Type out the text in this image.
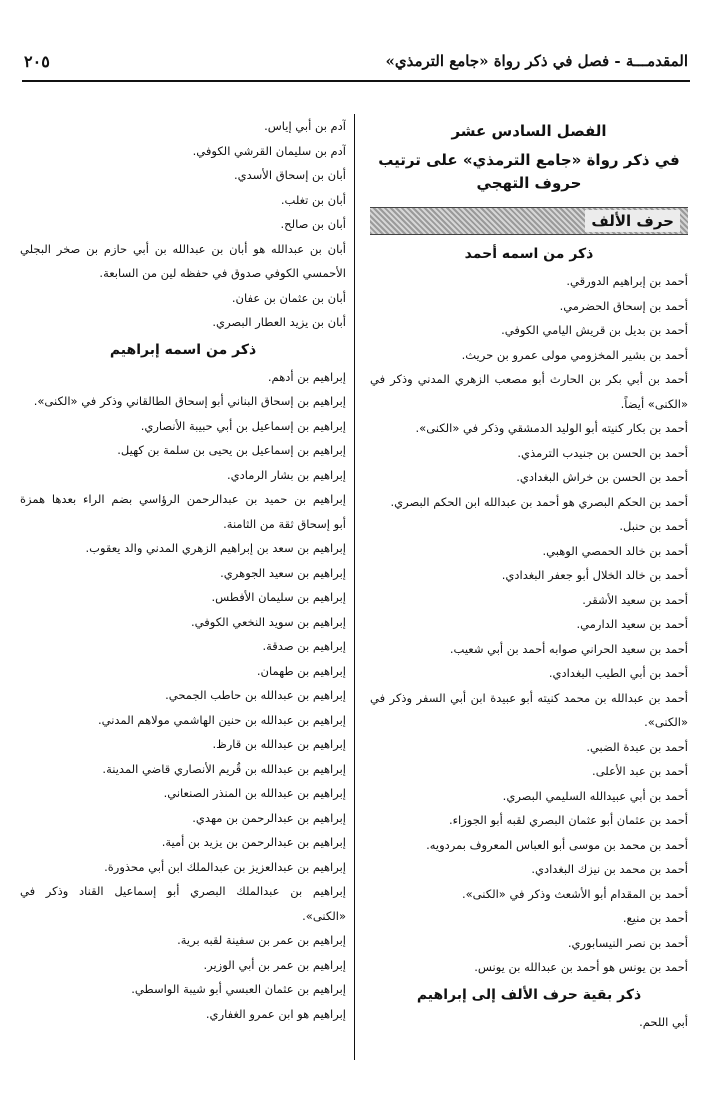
المقدمـــة - فصل في ذكر رواة «جامع الترمذي»
٢٠٥
الفصل السادس عشر
في ذكر رواة «جامع الترمذي» على ترتيب
حروف التهجي
حرف الألف
ذكر من اسمه أحمد
أحمد بن إبراهيم الدورقي.
أحمد بن إسحاق الحضرمي.
أحمد بن بديل بن قريش اليامي الكوفي.
أحمد بن بشير المخزومي مولى عمرو بن حريث.
أحمد بن أبي بكر بن الحارث أبو مصعب الزهري المدني وذكر في
«الكنى» أيضاً.
أحمد بن بكار كنيته أبو الوليد الدمشقي وذكر في «الكنى».
أحمد بن الحسن بن جنيدب الترمذي.
أحمد بن الحسن بن خراش البغدادي.
أحمد بن الحكم البصري هو أحمد بن عبدالله ابن الحكم البصري.
أحمد بن حنبل.
أحمد بن خالد الحمصي الوهبي.
أحمد بن خالد الخلال أبو جعفر البغدادي.
أحمد بن سعيد الأشقر.
أحمد بن سعيد الدارمي.
أحمد بن سعيد الحراني صوابه أحمد بن أبي شعيب.
أحمد بن أبي الطيب البغدادي.
أحمد بن عبدالله بن محمد كنيته أبو عبيدة ابن أبي السفر وذكر في
«الكنى».
أحمد بن عبدة الضبي.
أحمد بن عبد الأعلى.
أحمد بن أبي عبيدالله السليمي البصري.
أحمد بن عثمان أبو عثمان البصري لقبه أبو الجوزاء.
أحمد بن محمد بن موسى أبو العباس المعروف بمردويه.
أحمد بن محمد بن نيزك البغدادي.
أحمد بن المقدام أبو الأشعث وذكر في «الكنى».
أحمد بن منيع.
أحمد بن نصر النيسابوري.
أحمد بن يونس هو أحمد بن عبدالله بن يونس.
ذكر بقية حرف الألف إلى إبراهيم
أبي اللحم.
آدم بن أبي إياس.
آدم بن سليمان القرشي الكوفي.
أبان بن إسحاق الأسدي.
أبان بن تغلب.
أبان بن صالح.
أبان بن عبدالله هو أبان بن عبدالله بن أبي حازم بن صخر البجلي
الأحمسي الكوفي صدوق في حفظه لين من السابعة.
أبان بن عثمان بن عفان.
أبان بن يزيد العطار البصري.
ذكر من اسمه إبراهيم
إبراهيم بن أدهم.
إبراهيم بن إسحاق البناني أبو إسحاق الطالقاني وذكر في «الكنى».
إبراهيم بن إسماعيل بن أبي حبيبة الأنصاري.
إبراهيم بن إسماعيل بن يحيى بن سلمة بن كهيل.
إبراهيم بن بشار الرمادي.
إبراهيم بن حميد بن عبدالرحمن الرؤاسي بضم الراء بعدها همزة
أبو إسحاق ثقة من الثامنة.
إبراهيم بن سعد بن إبراهيم الزهري المدني والد يعقوب.
إبراهيم بن سعيد الجوهري.
إبراهيم بن سليمان الأفطس.
إبراهيم بن سويد النخعي الكوفي.
إبراهيم بن صدقة.
إبراهيم بن طهمان.
إبراهيم بن عبدالله بن حاطب الجمحي.
إبراهيم بن عبدالله بن حنين الهاشمي مولاهم المدني.
إبراهيم بن عبدالله بن قارظ.
إبراهيم بن عبدالله بن قُريم الأنصاري قاضي المدينة.
إبراهيم بن عبدالله بن المنذر الصنعاني.
إبراهيم بن عبدالرحمن بن مهدي.
إبراهيم بن عبدالرحمن بن يزيد بن أمية.
إبراهيم بن عبدالعزيز بن عبدالملك ابن أبي محذورة.
إبراهيم بن عبدالملك البصري أبو إسماعيل القناد وذكر في
«الكنى».
إبراهيم بن عمر بن سفينة لقبه برية.
إبراهيم بن عمر بن أبي الوزير.
إبراهيم بن عثمان العبسي أبو شيبة الواسطي.
إبراهيم هو ابن عمرو الغفاري.
